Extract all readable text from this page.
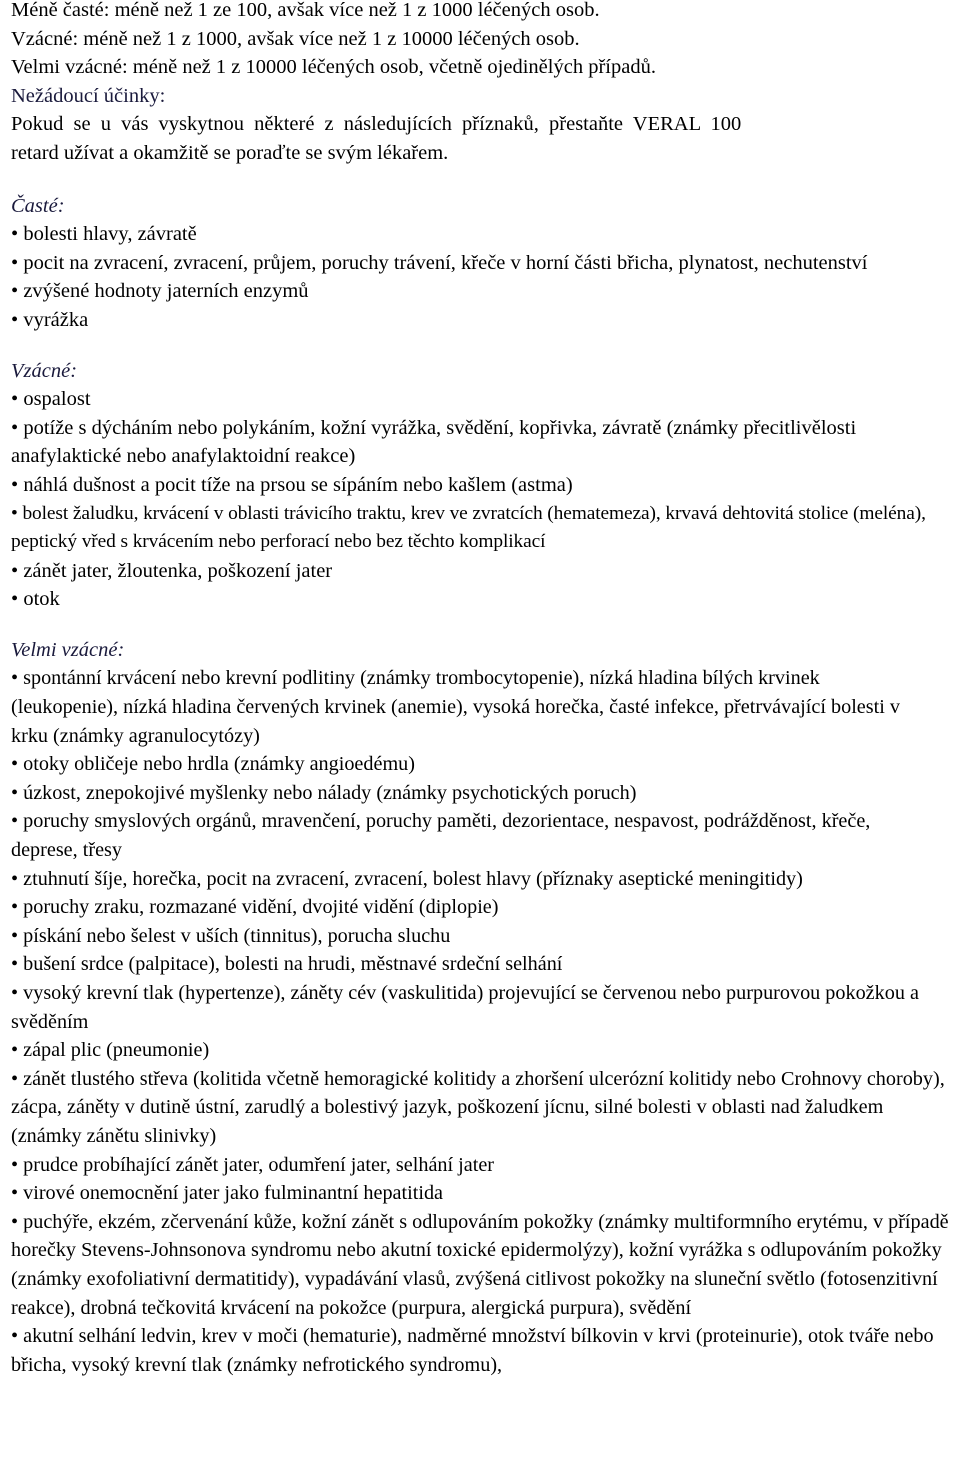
Méně časté: méně než 1 ze 100, avšak více než 1 z 1000 léčených osob.
Vzácné: méně než 1 z 1000, avšak více než 1 z 10000 léčených osob.
Velmi vzácné: méně než 1 z 10000 léčených osob, včetně ojedinělých případů.
Nežádoucí účinky:
Pokud se u vás vyskytnou některé z následujících příznaků, přestaňte VERAL 100
retard užívat a okamžitě se poraďte se svým lékařem.
Časté:
• bolesti hlavy, závratě
• pocit na zvracení, zvracení, průjem, poruchy trávení, křeče v horní části břicha, plynatost, nechutenství
• zvýšené hodnoty jaterních enzymů
• vyrážka
Vzácné:
• ospalost
• potíže s dýcháním nebo polykáním, kožní vyrážka, svědění, kopřivka, závratě (známky přecitlivělosti anafylaktické nebo anafylaktoidní reakce)
• náhlá dušnost a pocit tíže na prsou se sípáním nebo kašlem (astma)
• bolest žaludku, krvácení v oblasti trávicího traktu, krev ve zvratcích (hematemeza), krvavá dehtovitá stolice (meléna), peptický vřed s krvácením nebo perforací nebo bez těchto komplikací
• zánět jater, žloutenka, poškození jater
• otok
Velmi vzácné:
• spontánní krvácení nebo krevní podlitiny (známky trombocytopenie), nízká hladina bílých krvinek (leukopenie), nízká hladina červených krvinek (anemie), vysoká horečka, časté infekce, přetrvávající bolesti v krku (známky agranulocytózy)
• otoky obličeje nebo hrdla (známky angioedému)
• úzkost, znepokojivé myšlenky nebo nálady (známky psychotických poruch)
• poruchy smyslových orgánů, mravenčení, poruchy paměti, dezorientace, nespavost, podrážděnost, křeče, deprese, třesy
• ztuhnutí šíje, horečka, pocit na zvracení, zvracení, bolest hlavy (příznaky aseptické meningitidy)
• poruchy zraku, rozmazané vidění, dvojité vidění (diplopie)
• pískání nebo šelest v uších (tinnitus), porucha sluchu
• bušení srdce (palpitace), bolesti na hrudi, městnavé srdeční selhání
• vysoký krevní tlak (hypertenze), záněty cév (vaskulitida) projevující se červenou nebo purpurovou pokožkou a svěděním
• zápal plic (pneumonie)
• zánět tlustého střeva (kolitida včetně hemoragické kolitidy a zhoršení ulcerózní kolitidy nebo Crohnovy choroby), zácpa, záněty v dutině ústní, zarudlý a bolestivý jazyk, poškození jícnu, silné bolesti v oblasti nad žaludkem (známky zánětu slinivky)
• prudce probíhající zánět jater, odumření jater, selhání jater
• virové onemocnění jater jako fulminantní hepatitida
• puchýře, ekzém, zčervenání kůže, kožní zánět s odlupováním pokožky (známky multiformního erytému, v případě horečky Stevens-Johnsonova syndromu nebo akutní toxické epidermolýzy), kožní vyrážka s odlupováním pokožky (známky exofoliativní dermatitidy), vypadávání vlasů, zvýšená citlivost pokožky na sluneční světlo (fotosenzitivní reakce), drobná tečkovitá krvácení na pokožce (purpura, alergická purpura), svědění
• akutní selhání ledvin, krev v moči (hematurie), nadměrné množství bílkovin v krvi (proteinurie), otok tváře nebo břicha, vysoký krevní tlak (známky nefrotického syndromu),
